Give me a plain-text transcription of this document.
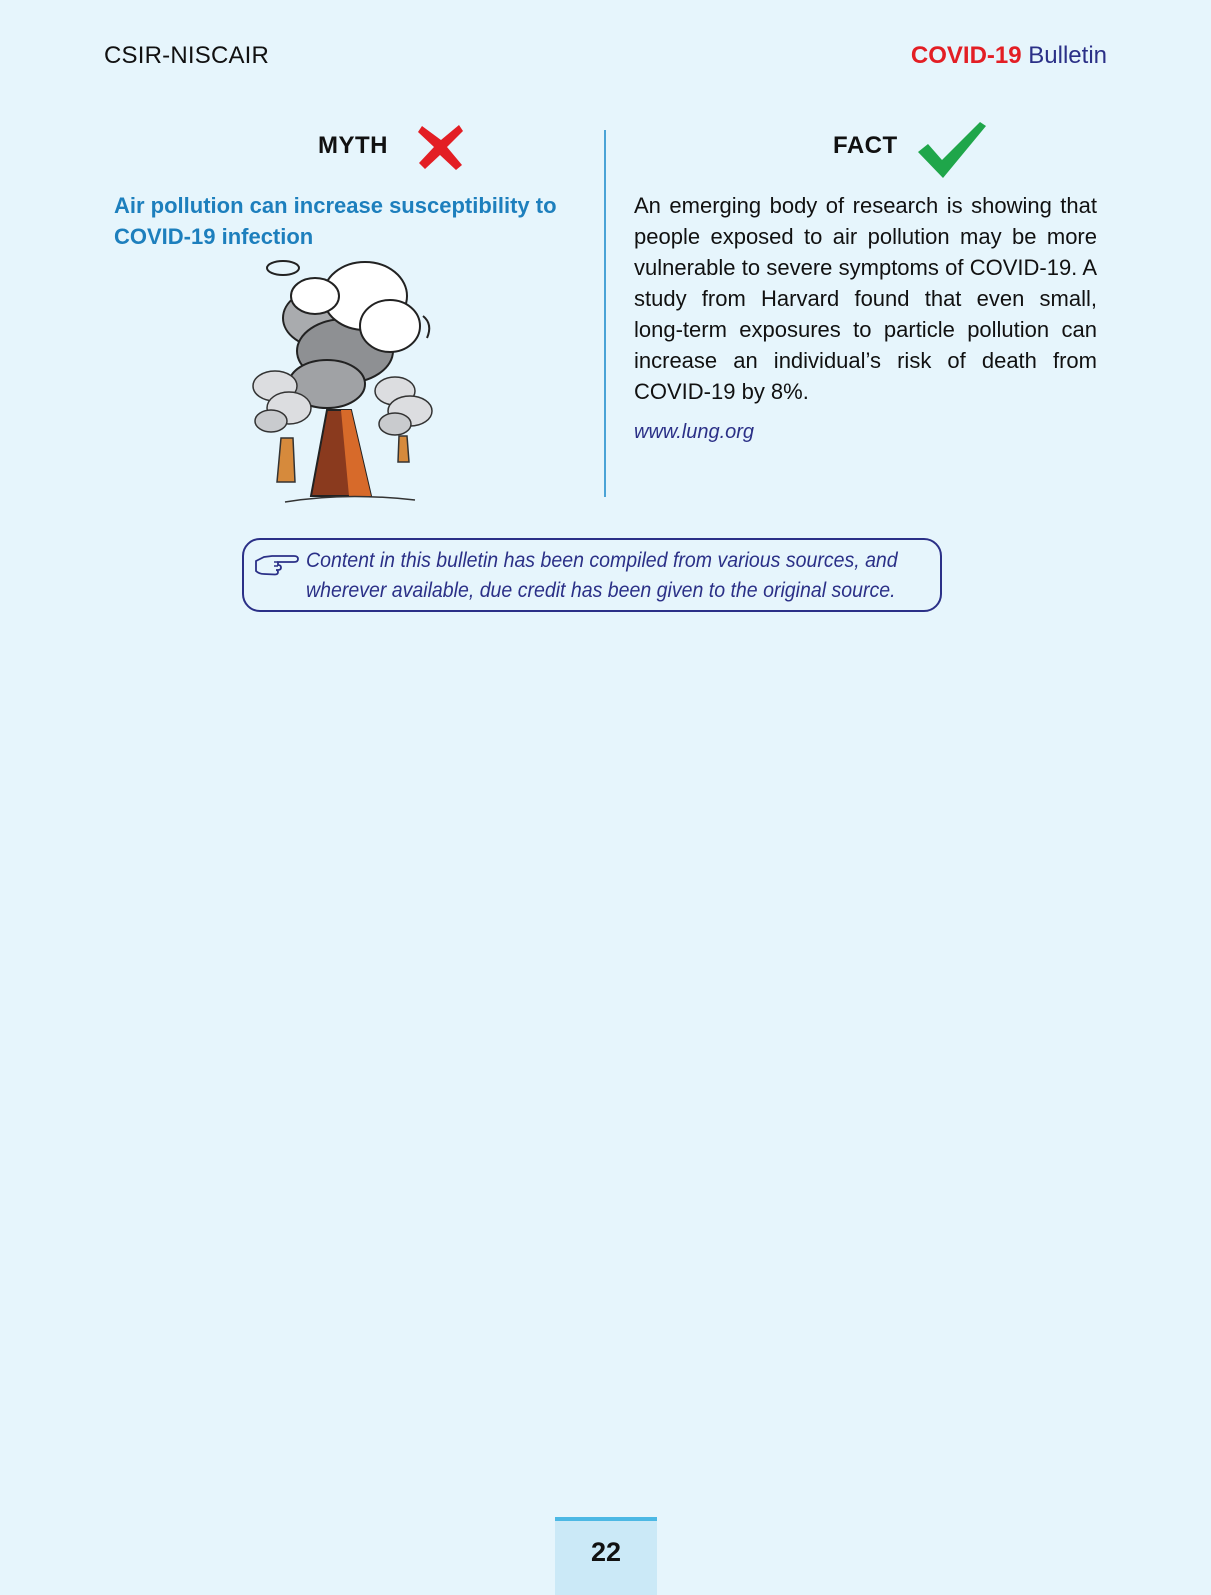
CSIR-NISCAIR	COVID-19 Bulletin
MYTH	FACT
Air pollution can increase susceptibility to COVID-19 infection
An emerging body of research is showing that people exposed to air pollution may be more vulnerable to severe symptoms of COVID-19. A study from Harvard found that even small, long-term exposures to particle pollution can increase an individual’s risk of death from COVID-19 by 8%.
www.lung.org
Content in this bulletin has been compiled from various sources, and
wherever available, due credit has been given to the original source.
22
